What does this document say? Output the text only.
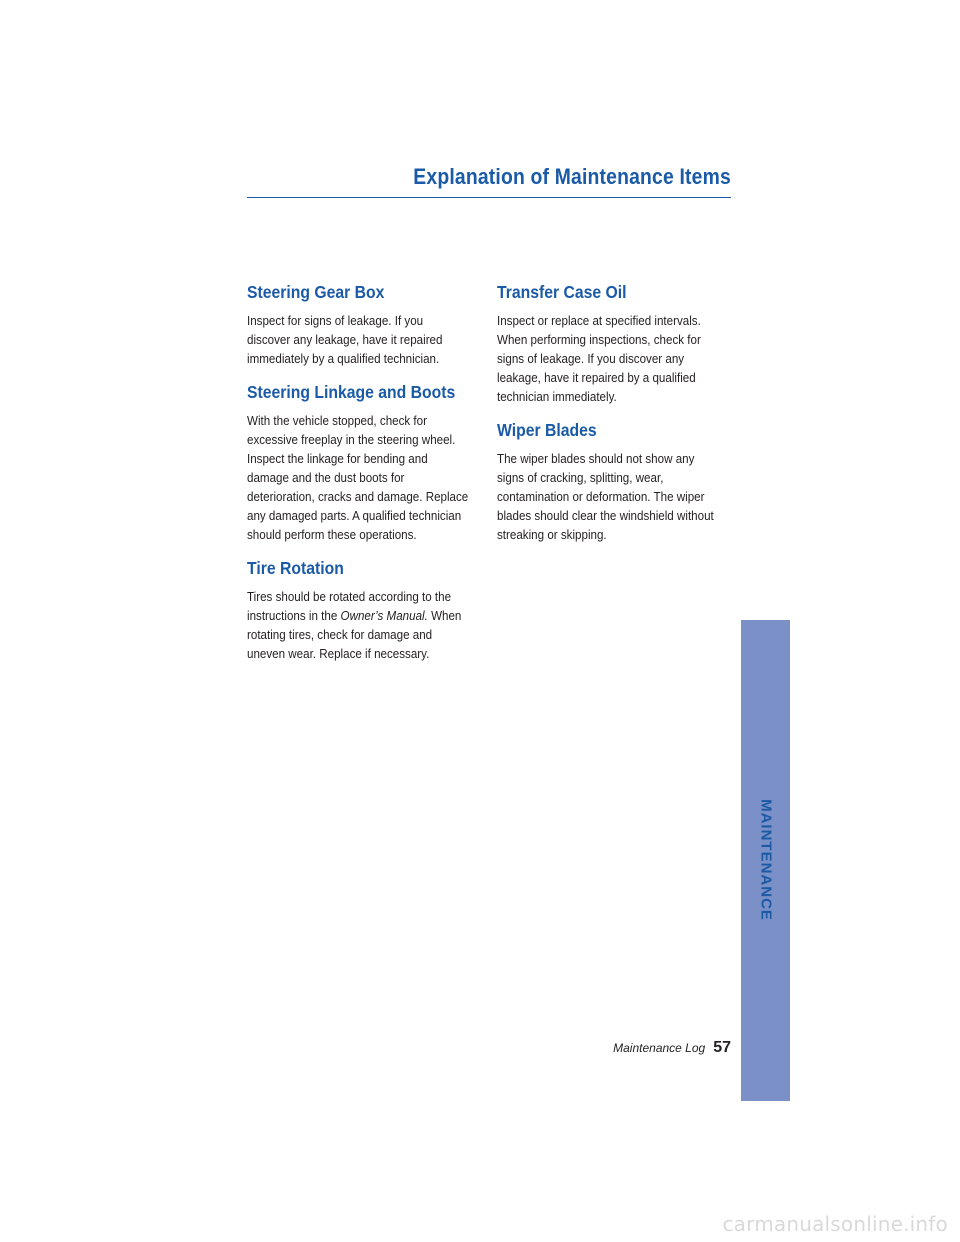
Explanation of Maintenance Items
Steering Gear Box

Inspect for signs of leakage. If you
discover any leakage, have it repaired
immediately by a qualified technician.

Steering Linkage and Boots

With the vehicle stopped, check for
excessive freeplay in the steering wheel.
Inspect the linkage for bending and
damage and the dust boots for
deterioration, cracks and damage. Replace
any damaged parts. A qualified technician
should perform these operations.

Tire Rotation

Tires should be rotated according to the
instructions in the Owner’s Manual. When
rotating tires, check for damage and
uneven wear. Replace if necessary.

Transfer Case Oil

Inspect or replace at specified intervals.
When performing inspections, check for
signs of leakage. If you discover any
leakage, have it repaired by a qualified
technician immediately.

Wiper Blades

The wiper blades should not show any
signs of cracking, splitting, wear,
contamination or deformation. The wiper
blades should clear the windshield without
streaking or skipping.

MAINTENANCE
Maintenance Log 57
carmanualsonline.info
